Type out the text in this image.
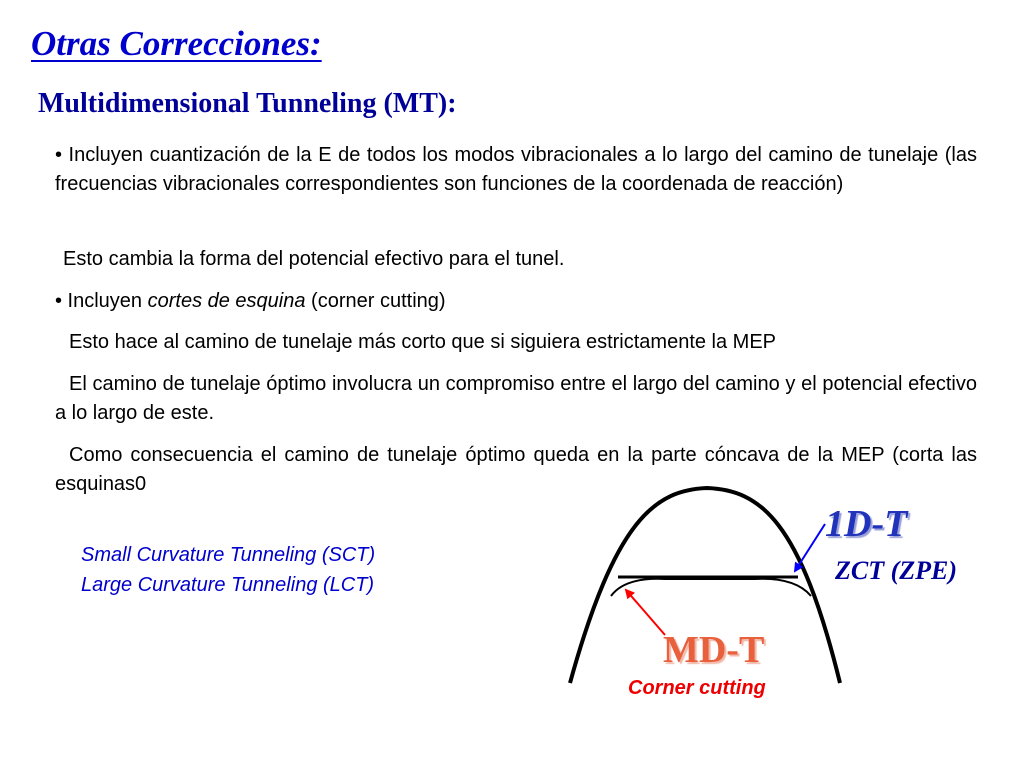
Otras Correcciones:
Multidimensional Tunneling (MT):
• Incluyen cuantización de la E de todos los modos vibracionales a lo largo del camino de tunelaje (las frecuencias vibracionales correspondientes son funciones de la coordenada de reacción)
Esto cambia la forma del potencial efectivo para el tunel.
• Incluyen cortes de esquina (corner cutting)
Esto hace al camino de tunelaje más corto que si siguiera estrictamente la MEP
El camino de tunelaje óptimo involucra un compromiso entre el largo del camino y el potencial efectivo a lo largo de este.
Como consecuencia el camino de tunelaje óptimo queda en la parte cóncava de la MEP (corta las esquinas0
Small Curvature Tunneling (SCT)
Large Curvature Tunneling (LCT)
1D-T
ZCT (ZPE)
MD-T
Corner cutting
